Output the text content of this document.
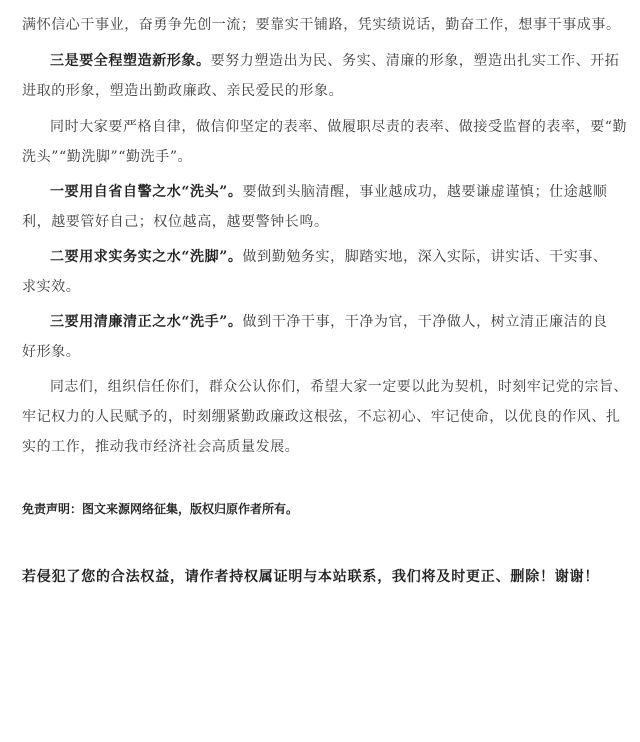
满怀信心干事业，奋勇争先创一流；要靠实干铺路，凭实绩说话，勤奋工作，想事干事成事。
三是要全程塑造新形象。要努力塑造出为民、务实、清廉的形象，塑造出扎实工作、开拓
进取的形象，塑造出勤政廉政、亲民爱民的形象。
同时大家要严格自律，做信仰坚定的表率、做履职尽责的表率、做接受监督的表率，要“勤
洗头”“勤洗脚”“勤洗手”。
一要用自省自警之水“洗头”。要做到头脑清醒，事业越成功，越要谦虚谨慎；仕途越顺
利，越要管好自己；权位越高，越要警钟长鸣。
二要用求实务实之水“洗脚”。做到勤勉务实，脚踏实地，深入实际，讲实话、干实事、
求实效。
三要用清廉清正之水“洗手”。做到干净干事，干净为官，干净做人，树立清正廉洁的良
好形象。
同志们，组织信任你们，群众公认你们，希望大家一定要以此为契机，时刻牢记党的宗旨、
牢记权力的人民赋予的，时刻绷紧勤政廉政这根弦，不忘初心、牢记使命，以优良的作风、扎
实的工作，推动我市经济社会高质量发展。
免责声明：图文来源网络征集，版权归原作者所有。
若侵犯了您的合法权益，请作者持权属证明与本站联系，我们将及时更正、删除！谢谢！
